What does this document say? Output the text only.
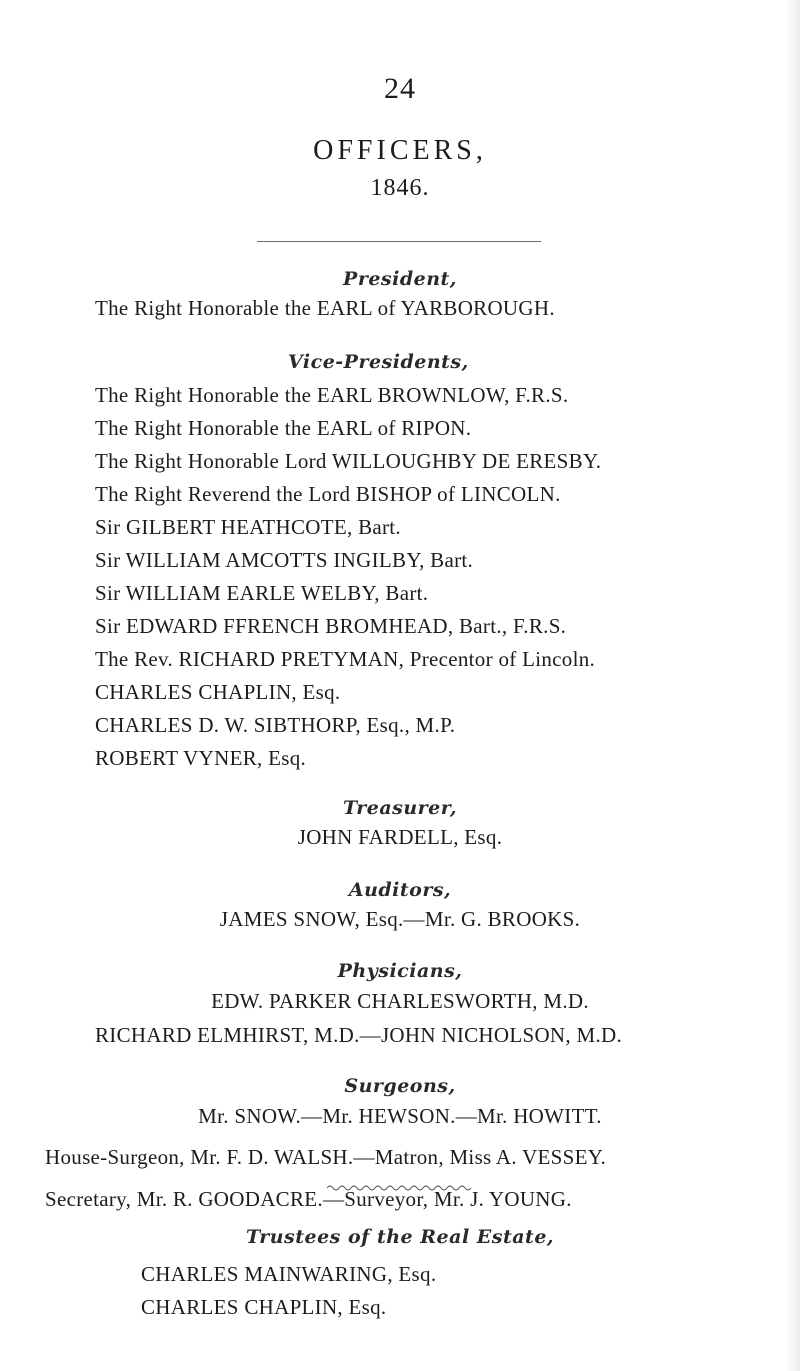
24
OFFICERS,
1846.
President,
The Right Honorable the EARL of YARBOROUGH.
Vice-Presidents,
The Right Honorable the EARL BROWNLOW, F.R.S.
The Right Honorable the EARL of RIPON.
The Right Honorable Lord WILLOUGHBY DE ERESBY.
The Right Reverend the Lord BISHOP of LINCOLN.
Sir GILBERT HEATHCOTE, Bart.
Sir WILLIAM AMCOTTS INGILBY, Bart.
Sir WILLIAM EARLE WELBY, Bart.
Sir EDWARD FFRENCH BROMHEAD, Bart., F.R.S.
The Rev. RICHARD PRETYMAN, Precentor of Lincoln.
CHARLES CHAPLIN, Esq.
CHARLES D. W. SIBTHORP, Esq., M.P.
ROBERT VYNER, Esq.
Treasurer,
JOHN FARDELL, Esq.
Auditors,
JAMES SNOW, Esq.—Mr. G. BROOKS.
Physicians,
EDW. PARKER CHARLESWORTH, M.D.
RICHARD ELMHIRST, M.D.—JOHN NICHOLSON, M.D.
Surgeons,
Mr. SNOW.—Mr. HEWSON.—Mr. HOWITT.
House-Surgeon, Mr. F. D. WALSH.—Matron, Miss A. VESSEY.
Secretary, Mr. R. GOODACRE.—Surveyor, Mr. J. YOUNG.
Trustees of the Real Estate,
CHARLES MAINWARING, Esq.
CHARLES CHAPLIN, Esq.
